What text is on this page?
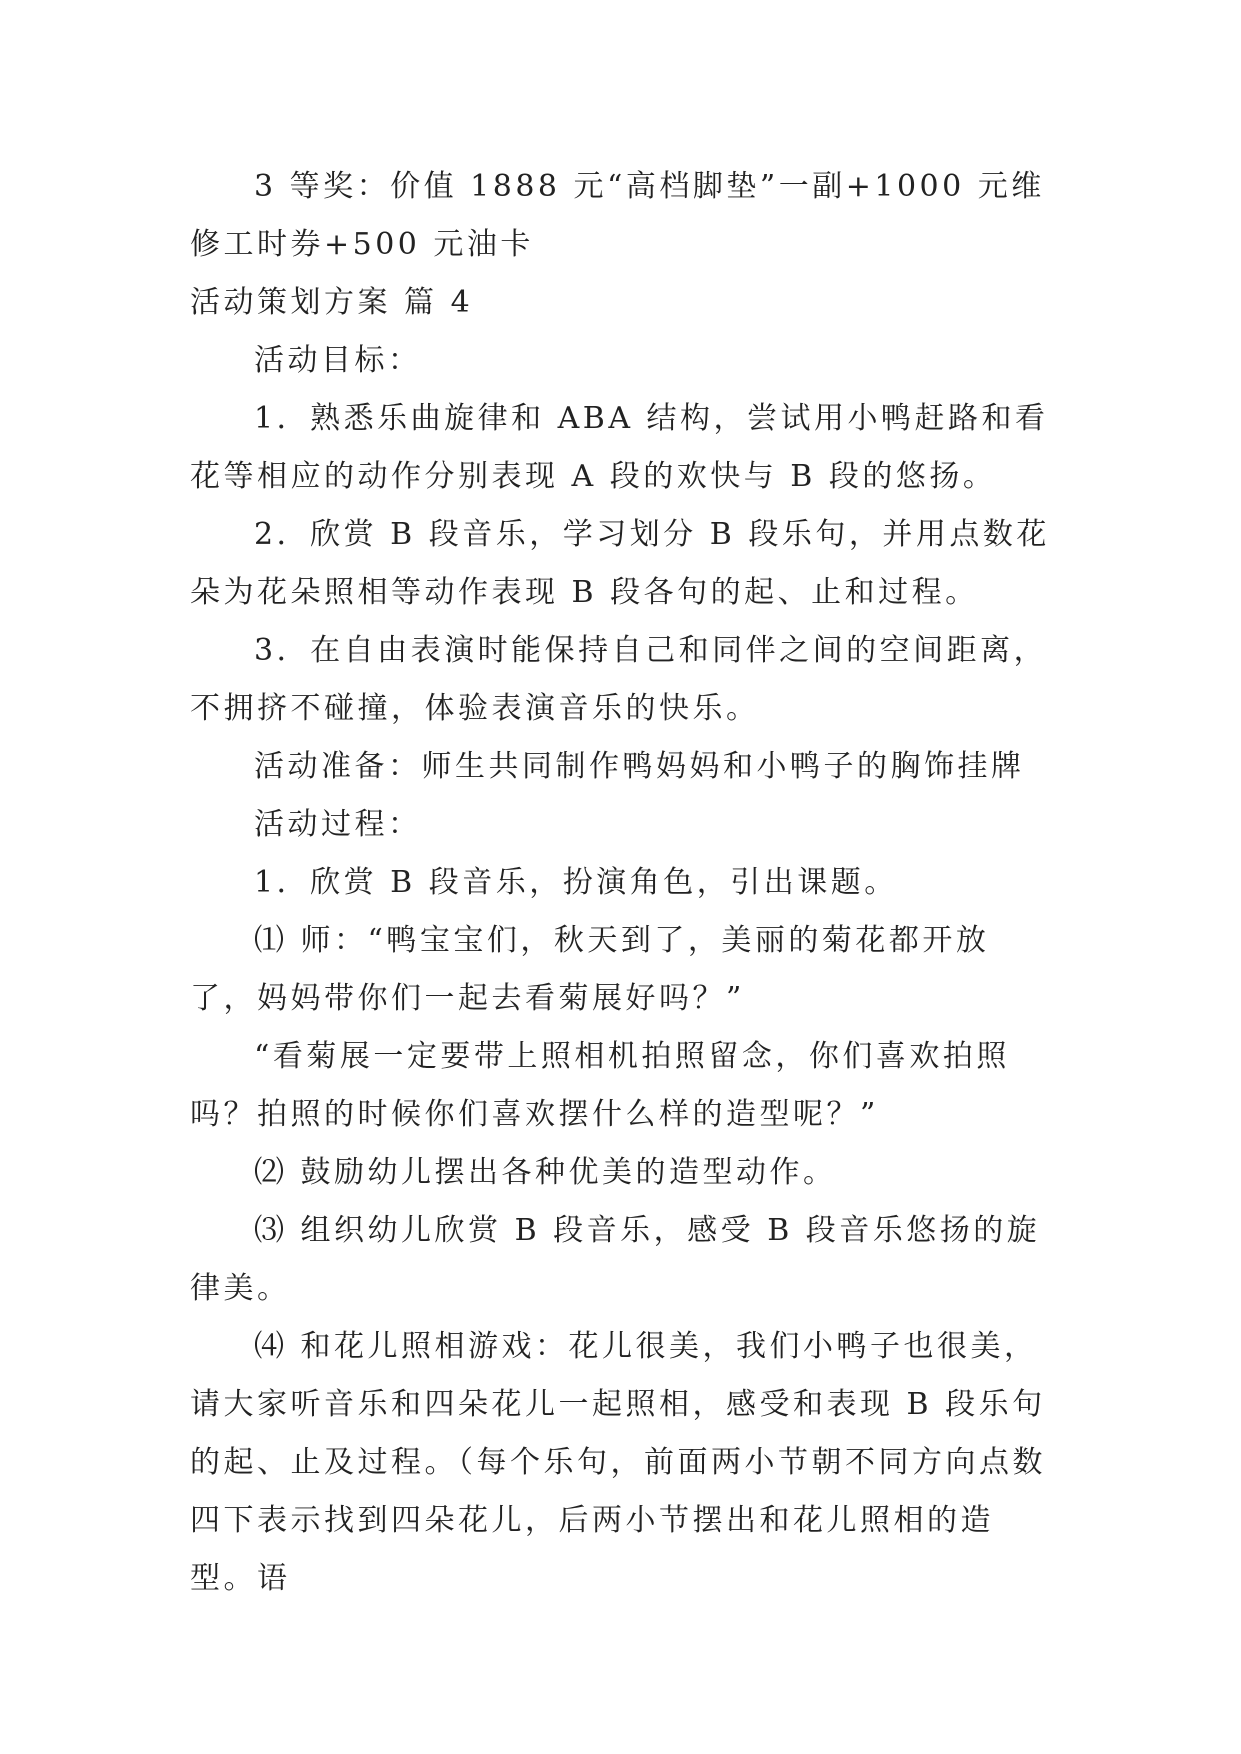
3 等奖：价值 1888 元“高档脚垫”一副+1000 元维修工时券+500 元油卡

活动策划方案 篇 4

活动目标：

1．熟悉乐曲旋律和 ABA 结构，尝试用小鸭赶路和看花等相应的动作分别表现 A 段的欢快与 B 段的悠扬。

2．欣赏 B 段音乐，学习划分 B 段乐句，并用点数花朵为花朵照相等动作表现 B 段各句的起、止和过程。

3．在自由表演时能保持自己和同伴之间的空间距离，不拥挤不碰撞，体验表演音乐的快乐。

活动准备：师生共同制作鸭妈妈和小鸭子的胸饰挂牌

活动过程：

1．欣赏 B 段音乐，扮演角色，引出课题。

⑴ 师：“鸭宝宝们，秋天到了，美丽的菊花都开放了，妈妈带你们一起去看菊展好吗？”

“看菊展一定要带上照相机拍照留念，你们喜欢拍照吗？拍照的时候你们喜欢摆什么样的造型呢？”

⑵ 鼓励幼儿摆出各种优美的造型动作。

⑶ 组织幼儿欣赏 B 段音乐，感受 B 段音乐悠扬的旋律美。

⑷ 和花儿照相游戏：花儿很美，我们小鸭子也很美，请大家听音乐和四朵花儿一起照相，感受和表现 B 段乐句的起、止及过程。（每个乐句，前面两小节朝不同方向点数四下表示找到四朵花儿，后两小节摆出和花儿照相的造型。语
